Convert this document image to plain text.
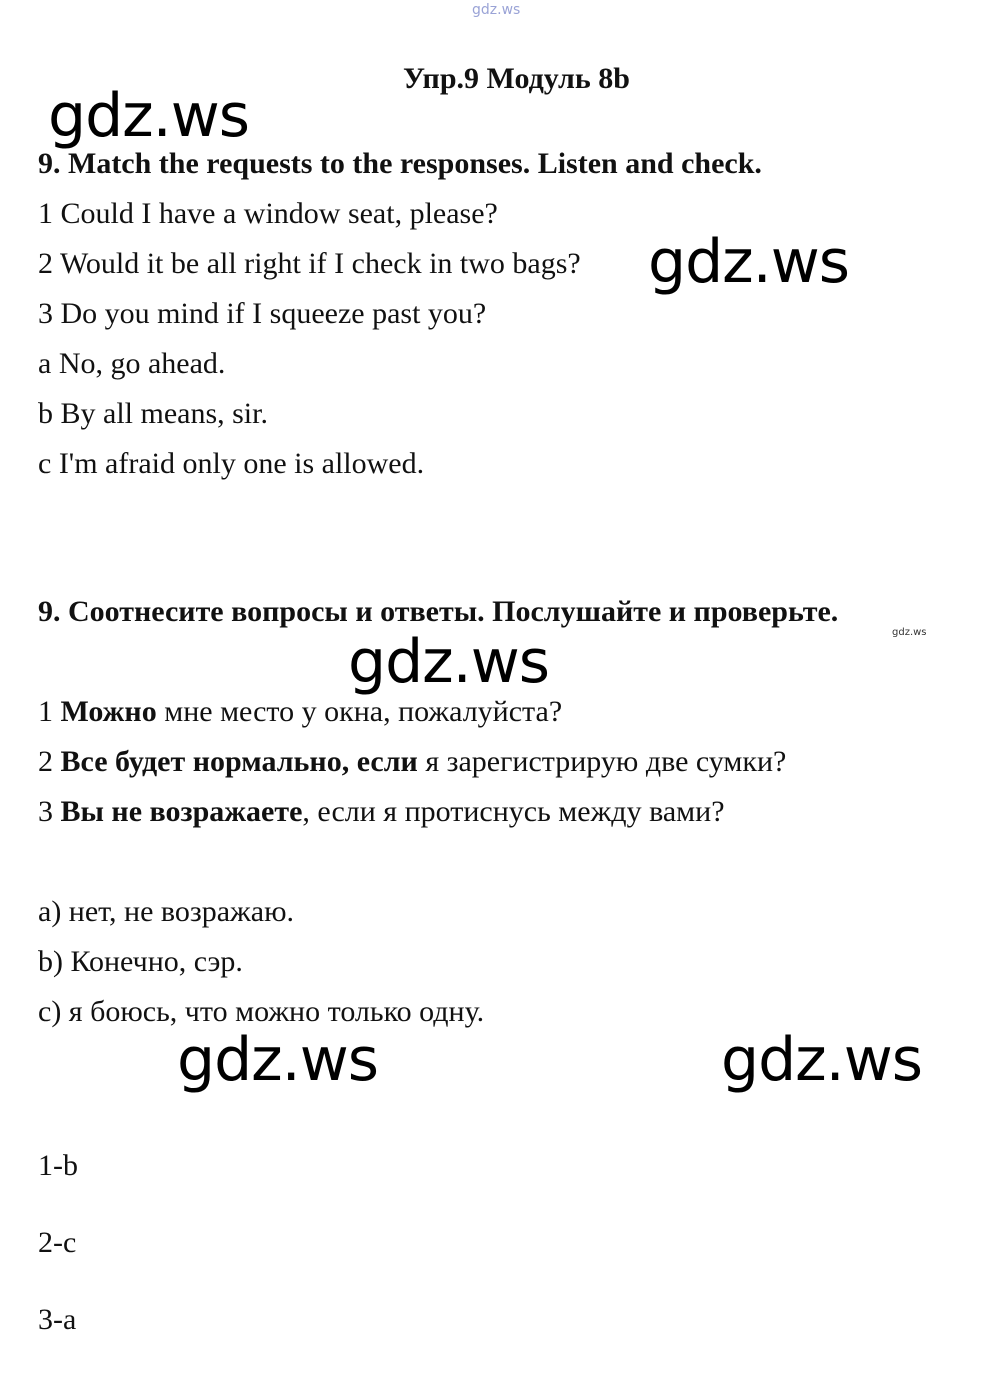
gdz.ws
Упр.9 Модуль 8b
gdz.ws
9. Match the requests to the responses. Listen and check.
1 Could I have a window seat, please?
2 Would it be all right if I check in two bags?
3 Do you mind if I squeeze past you?
gdz.ws
a No, go ahead.
b By all means, sir.
c I'm afraid only one is allowed.
9. Соотнесите вопросы и ответы. Послушайте и проверьте.
gdz.ws
gdz.ws
1 Можно мне место у окна, пожалуйста?
2 Все будет нормально, если я зарегистрирую две сумки?
3 Вы не возражаете, если я протиснусь между вами?
а) нет, не возражаю.
b) Конечно, сэр.
c) я боюсь, что можно только одну.
gdz.ws	gdz.ws
1-b
2-c
3-a
